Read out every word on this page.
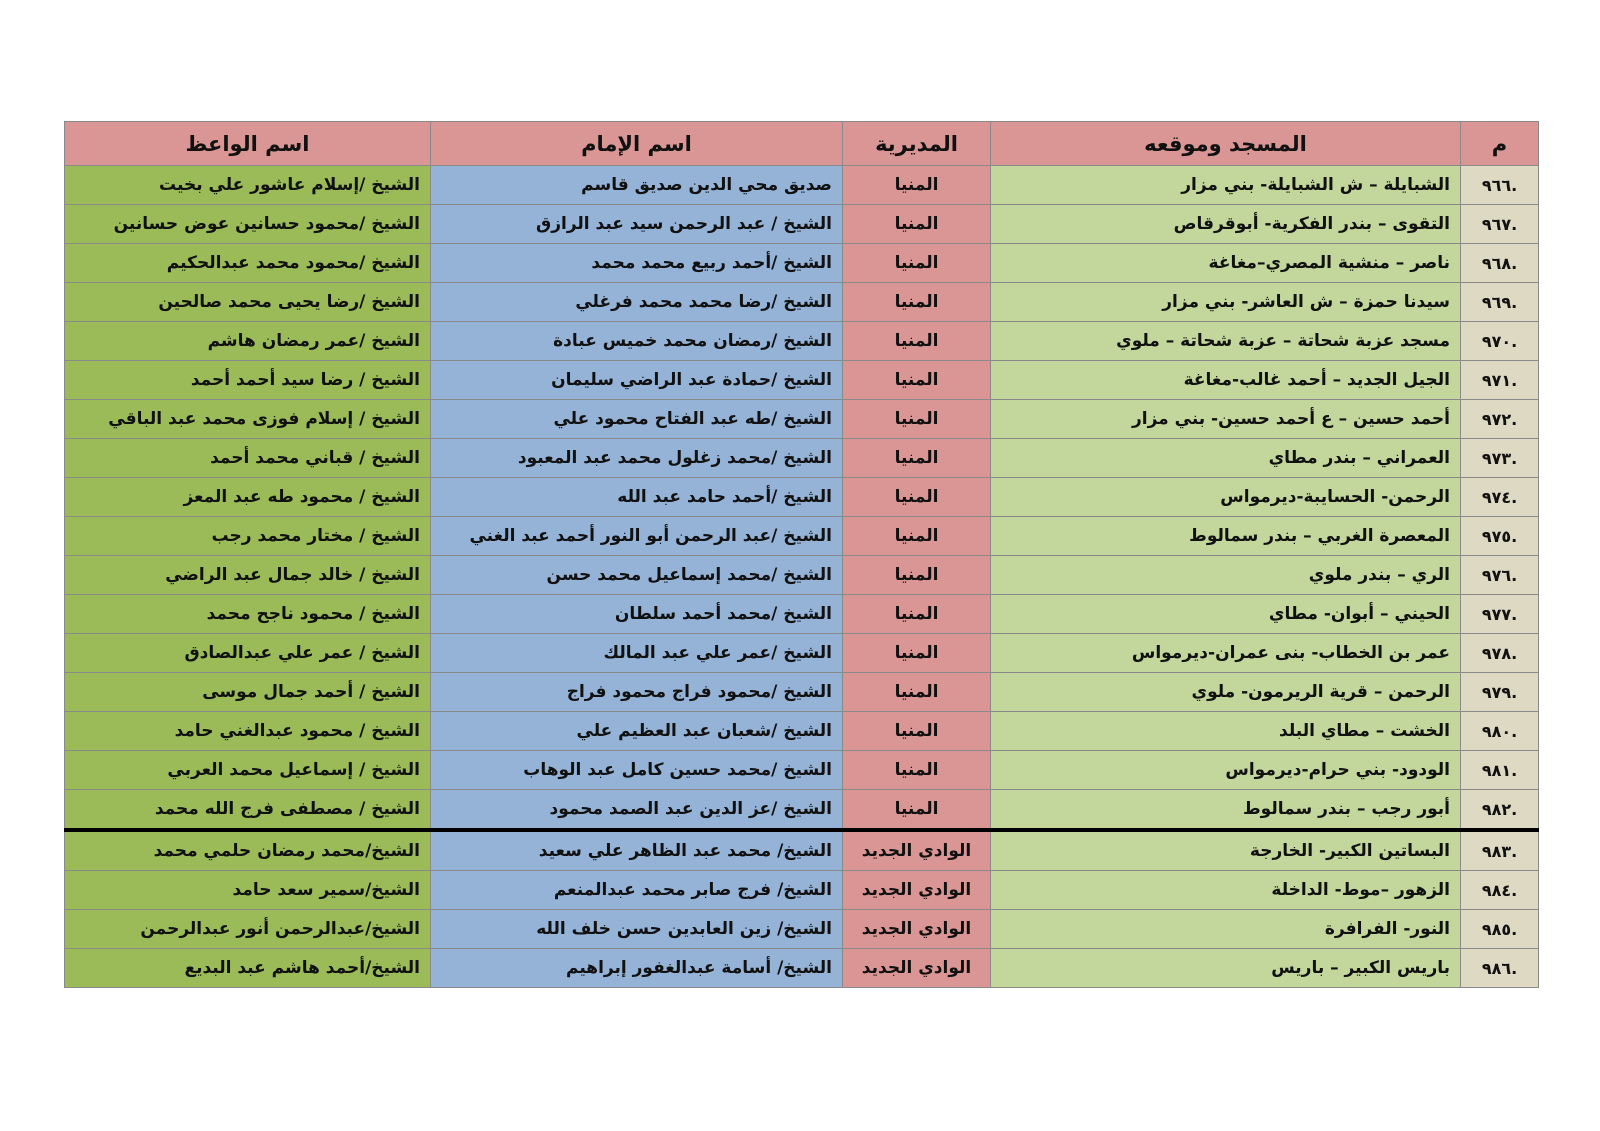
م	المسجد وموقعه	المديرية	اسم الإمام	اسم الواعظ
.٩٦٦	الشبايلة – ش الشبايلة- بني مزار	المنيا	صديق محي الدين صديق قاسم	الشيخ /إسلام عاشور علي بخيت
.٩٦٧	التقوى – بندر الفكرية- أبوقرقاص	المنيا	الشيخ / عبد الرحمن سيد عبد الرازق	الشيخ /محمود حسانين عوض حسانين
.٩٦٨	ناصر – منشية المصري–مغاغة	المنيا	الشيخ /أحمد ربيع محمد محمد	الشيخ /محمود محمد عبدالحكيم
.٩٦٩	سيدنا حمزة – ش العاشر- بني مزار	المنيا	الشيخ /رضا محمد محمد فرغلي	الشيخ /رضا يحيى محمد صالحين
.٩٧٠	مسجد عزبة شحاتة – عزبة شحاتة – ملوي	المنيا	الشيخ /رمضان محمد خميس عبادة	الشيخ /عمر رمضان هاشم
.٩٧١	الجيل الجديد – أحمد غالب-مغاغة	المنيا	الشيخ /حمادة عبد الراضي سليمان	الشيخ / رضا سيد أحمد أحمد
.٩٧٢	أحمد حسين – ع أحمد حسين- بني مزار	المنيا	الشيخ /طه عبد الفتاح محمود علي	الشيخ / إسلام فوزى محمد عبد الباقي
.٩٧٣	العمراني – بندر مطاي	المنيا	الشيخ /محمد زغلول محمد عبد المعبود	الشيخ / قباني محمد أحمد
.٩٧٤	الرحمن- الحسايبة-ديرمواس	المنيا	الشيخ /أحمد حامد عبد الله	الشيخ / محمود طه عبد المعز
.٩٧٥	المعصرة الغربي – بندر سمالوط	المنيا	الشيخ /عبد الرحمن أبو النور أحمد عبد الغني	الشيخ / مختار محمد رجب
.٩٧٦	الري – بندر ملوي	المنيا	الشيخ /محمد إسماعيل محمد حسن	الشيخ / خالد جمال عبد الراضي
.٩٧٧	الحيني – أبوان- مطاي	المنيا	الشيخ /محمد أحمد سلطان	الشيخ / محمود ناجح محمد
.٩٧٨	عمر بن الخطاب- بنى عمران-ديرمواس	المنيا	الشيخ /عمر علي عبد المالك	الشيخ / عمر علي عبدالصادق
.٩٧٩	الرحمن – قرية الريرمون- ملوي	المنيا	الشيخ /محمود فراج محمود فراج	الشيخ / أحمد جمال موسى
.٩٨٠	الخشت – مطاي البلد	المنيا	الشيخ /شعبان عبد العظيم علي	الشيخ / محمود عبدالغني حامد
.٩٨١	الودود- بني حرام-ديرمواس	المنيا	الشيخ /محمد حسين كامل عبد الوهاب	الشيخ / إسماعيل محمد العربي
.٩٨٢	أبور رجب – بندر سمالوط	المنيا	الشيخ /عز الدين عبد الصمد محمود	الشيخ / مصطفى فرج الله محمد
.٩٨٣	البساتين الكبير- الخارجة	الوادي الجديد	الشيخ/ محمد عبد الظاهر علي سعيد	الشيخ/محمد رمضان حلمي محمد
.٩٨٤	الزهور –موط- الداخلة	الوادي الجديد	الشيخ/ فرج صابر محمد عبدالمنعم	الشيخ/سمير سعد حامد
.٩٨٥	النور- الفرافرة	الوادي الجديد	الشيخ/ زين العابدين حسن خلف الله	الشيخ/عبدالرحمن أنور عبدالرحمن
.٩٨٦	باريس الكبير – باريس	الوادي الجديد	الشيخ/ أسامة عبدالغفور إبراهيم	الشيخ/أحمد هاشم عبد البديع
